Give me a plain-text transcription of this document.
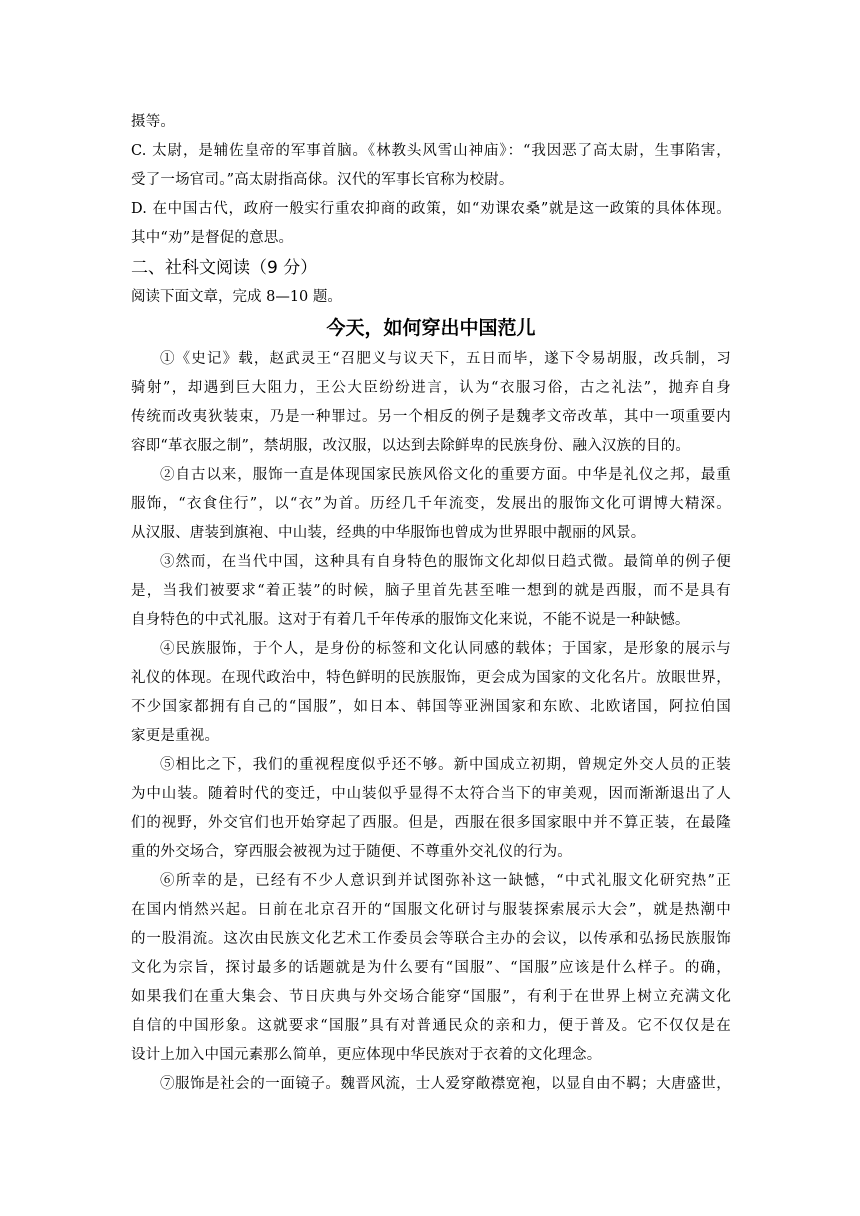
摄等。
C. 太尉，是辅佐皇帝的军事首脑。《林教头风雪山神庙》：“我因恶了高太尉，生事陷害，
受了一场官司。”高太尉指高俅。汉代的军事长官称为校尉。
D. 在中国古代，政府一般实行重农抑商的政策，如“劝课农桑”就是这一政策的具体体现。
其中“劝”是督促的意思。
二、社科文阅读（9 分）
阅读下面文章，完成 8—10 题。
今天，如何穿出中国范儿
①《史记》载，赵武灵王“召肥义与议天下，五日而毕，遂下令易胡服，改兵制，习
骑射”，却遇到巨大阻力，王公大臣纷纷进言，认为“衣服习俗，古之礼法”，抛弃自身
传统而改夷狄装束，乃是一种罪过。另一个相反的例子是魏孝文帝改革，其中一项重要内
容即“革衣服之制”，禁胡服，改汉服，以达到去除鲜卑的民族身份、融入汉族的目的。
②自古以来，服饰一直是体现国家民族风俗文化的重要方面。中华是礼仪之邦，最重
服饰，“衣食住行”，以“衣”为首。历经几千年流变，发展出的服饰文化可谓博大精深。
从汉服、唐装到旗袍、中山装，经典的中华服饰也曾成为世界眼中靓丽的风景。
③然而，在当代中国，这种具有自身特色的服饰文化却似日趋式微。最简单的例子便
是，当我们被要求“着正装”的时候，脑子里首先甚至唯一想到的就是西服，而不是具有
自身特色的中式礼服。这对于有着几千年传承的服饰文化来说，不能不说是一种缺憾。
④民族服饰，于个人，是身份的标签和文化认同感的载体；于国家，是形象的展示与
礼仪的体现。在现代政治中，特色鲜明的民族服饰，更会成为国家的文化名片。放眼世界，
不少国家都拥有自己的“国服”，如日本、韩国等亚洲国家和东欧、北欧诸国，阿拉伯国
家更是重视。
⑤相比之下，我们的重视程度似乎还不够。新中国成立初期，曾规定外交人员的正装
为中山装。随着时代的变迁，中山装似乎显得不太符合当下的审美观，因而渐渐退出了人
们的视野，外交官们也开始穿起了西服。但是，西服在很多国家眼中并不算正装，在最隆
重的外交场合，穿西服会被视为过于随便、不尊重外交礼仪的行为。
⑥所幸的是，已经有不少人意识到并试图弥补这一缺憾，“中式礼服文化研究热”正
在国内悄然兴起。日前在北京召开的“国服文化研讨与服装探索展示大会”，就是热潮中
的一股涓流。这次由民族文化艺术工作委员会等联合主办的会议，以传承和弘扬民族服饰
文化为宗旨，探讨最多的话题就是为什么要有“国服”、“国服”应该是什么样子。的确，
如果我们在重大集会、节日庆典与外交场合能穿“国服”，有利于在世界上树立充满文化
自信的中国形象。这就要求“国服”具有对普通民众的亲和力，便于普及。它不仅仅是在
设计上加入中国元素那么简单，更应体现中华民族对于衣着的文化理念。
⑦服饰是社会的一面镜子。魏晋风流，士人爱穿敞襟宽袍，以显自由不羁；大唐盛世，
